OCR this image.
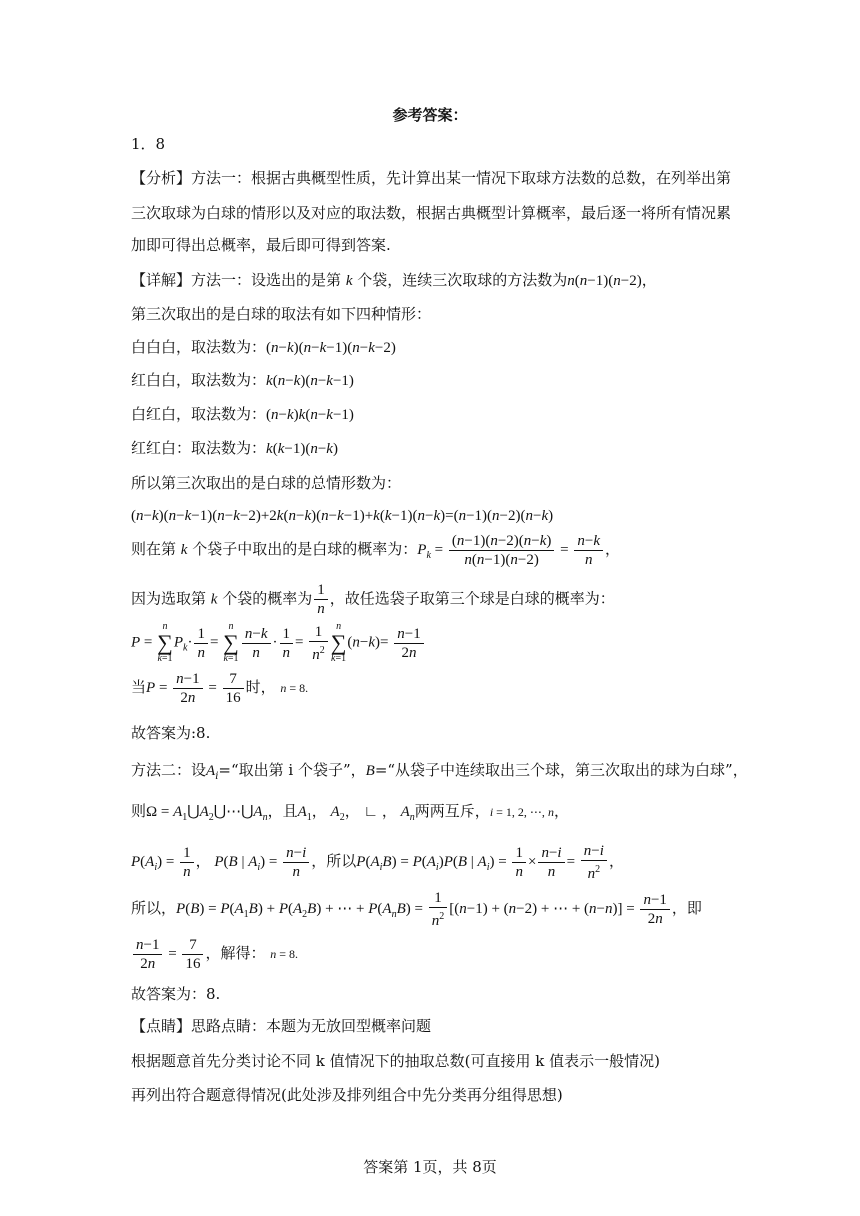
参考答案：
1．8
【分析】方法一：根据古典概型性质，先计算出某一情况下取球方法数的总数，在列举出第
三次取球为白球的情形以及对应的取法数，根据古典概型计算概率，最后逐一将所有情况累
加即可得出总概率，最后即可得到答案.
【详解】方法一：设选出的是第 k 个袋，连续三次取球的方法数为n(n−1)(n−2)，
第三次取出的是白球的取法有如下四种情形：
白白白，取法数为：(n−k)(n−k−1)(n−k−2)
红白白，取法数为：k(n−k)(n−k−1)
白红白，取法数为：(n−k)k(n−k−1)
红红白：取法数为：k(k−1)(n−k)
所以第三次取出的是白球的总情形数为：
(n−k)(n−k−1)(n−k−2)+2k(n−k)(n−k−1)+k(k−1)(n−k)=(n−1)(n−2)(n−k)
则在第 k 个袋子中取出的是白球的概率为：$P_k = \frac{(n-1)(n-2)(n-k)}{n(n-1)(n-2)} = \frac{n-k}{n}$ ，
因为选取第 k 个袋的概率为 $\frac{1}{n}$ ，故任选袋子取第三个球是白球的概率为：
P = n
∑
$k=1P_k\cdot \frac{1}{n} = n$
∑
$k=1 \frac{n-k}{n} \cdot \frac{1}{n} = \frac{1}{n^2}$ n
∑
$k=1(n-k)= \frac{n-1}{2n}$
当$P = \frac{n-1}{2n} = \frac{7}{16}$ 时， n = 8.
故答案为:8.
方法二：设$A_i=“$取出第 i 个袋子”，B=“从袋子中连续取出三个球，第三次取出的球为白球”，
则$\Omega = A_1⋃A_2⋃\cdots⋃A_n$，且$A_1$， $A_2$， ∟ ， $A_n$两两互斥，i = 1, 2, ⋯, n，
$P(A_i) = \frac{1}{n}$ ， P(B | $A_i) = \frac{n-i}{n}$ ，所以$P(A_iB) = P(A_i)P(B$ | $A_i) = \frac{1}{n} \times \frac{n-i}{n} = \frac{n-i}{n^2}$ ，
所以，$P(B) = P(A_1B) + P(A_2B)$ + ⋯ + $P(A_nB) = \frac{1}{n^2} [(n-1) + (n-2)$ + ⋯ + $(n-n)] = \frac{n-1}{2n}$ ，即
$\frac{n-1}{2n} = \frac{7}{16}$ ，解得： n = 8.
故答案为：8.
【点睛】思路点睛：本题为无放回型概率问题
根据题意首先分类讨论不同 k 值情况下的抽取总数(可直接用 k 值表示一般情况)
再列出符合题意得情况(此处涉及排列组合中先分类再分组得思想)
答案第 1页，共 8页
